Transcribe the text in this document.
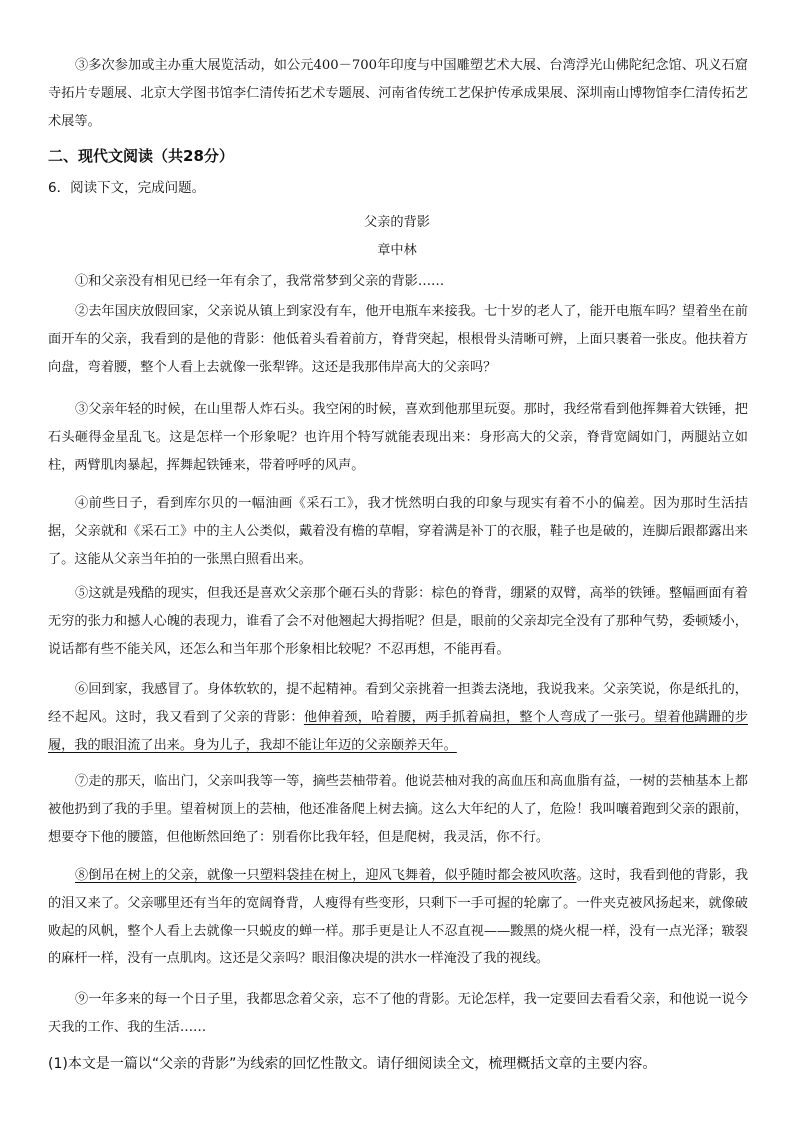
③多次参加或主办重大展览活动，如公元400－700年印度与中国雕塑艺术大展、台湾浮光山佛陀纪念馆、巩义石窟寺拓片专题展、北京大学图书馆李仁清传拓艺术专题展、河南省传统工艺保护传承成果展、深圳南山博物馆李仁清传拓艺术展等。

二、现代文阅读（共28分）
6．阅读下文，完成问题。
父亲的背影
章中林

①和父亲没有相见已经一年有余了，我常常梦到父亲的背影……

②去年国庆放假回家，父亲说从镇上到家没有车，他开电瓶车来接我。七十岁的老人了，能开电瓶车吗？望着坐在前面开车的父亲，我看到的是他的背影：他低着头看着前方，脊背突起，根根骨头清晰可辨，上面只裹着一张皮。他扶着方向盘，弯着腰，整个人看上去就像一张犁铧。这还是我那伟岸高大的父亲吗？

③父亲年轻的时候，在山里帮人炸石头。我空闲的时候，喜欢到他那里玩耍。那时，我经常看到他挥舞着大铁锤，把石头砸得金星乱飞。这是怎样一个形象呢？也许用个特写就能表现出来：身形高大的父亲，脊背宽阔如门，两腿站立如柱，两臂肌肉暴起，挥舞起铁锤来，带着呼呼的风声。

④前些日子，看到库尔贝的一幅油画《采石工》，我才恍然明白我的印象与现实有着不小的偏差。因为那时生活拮据，父亲就和《采石工》中的主人公类似，戴着没有檐的草帽，穿着满是补丁的衣服，鞋子也是破的，连脚后跟都露出来了。这能从父亲当年拍的一张黑白照看出来。

⑤这就是残酷的现实，但我还是喜欢父亲那个砸石头的背影：棕色的脊背，绷紧的双臂，高举的铁锤。整幅画面有着无穷的张力和撼人心魄的表现力，谁看了会不对他翘起大拇指呢？但是，眼前的父亲却完全没有了那种气势，委顿矮小，说话都有些不能关风，还怎么和当年那个形象相比较呢？不忍再想，不能再看。

⑥回到家，我感冒了。身体软软的，提不起精神。看到父亲挑着一担粪去浇地，我说我来。父亲笑说，你是纸扎的，经不起风。这时，我又看到了父亲的背影：他伸着颈，哈着腰，两手抓着扁担，整个人弯成了一张弓。望着他蹒跚的步履，我的眼泪流了出来。身为儿子，我却不能让年迈的父亲颐养天年。

⑦走的那天，临出门，父亲叫我等一等，摘些芸柚带着。他说芸柚对我的高血压和高血脂有益，一树的芸柚基本上都被他扔到了我的手里。望着树顶上的芸柚，他还准备爬上树去摘。这么大年纪的人了，危险！我叫嚷着跑到父亲的跟前，想要夺下他的腰篮，但他断然回绝了：别看你比我年轻，但是爬树，我灵活，你不行。

⑧倒吊在树上的父亲，就像一只塑料袋挂在树上，迎风飞舞着，似乎随时都会被风吹落。这时，我看到他的背影，我的泪又来了。父亲哪里还有当年的宽阔脊背，人瘦得有些变形，只剩下一手可握的轮廓了。一件夹克被风扬起来，就像破败起的风帆，整个人看上去就像一只蜕皮的蝉一样。那手更是让人不忍直视——黢黑的烧火棍一样，没有一点光泽；皲裂的麻杆一样，没有一点肌肉。这还是父亲吗？眼泪像决堤的洪水一样淹没了我的视线。

⑨一年多来的每一个日子里，我都思念着父亲，忘不了他的背影。无论怎样，我一定要回去看看父亲，和他说一说今天我的工作、我的生活……

(1)本文是一篇以“父亲的背影”为线索的回忆性散文。请仔细阅读全文，梳理概括文章的主要内容。
